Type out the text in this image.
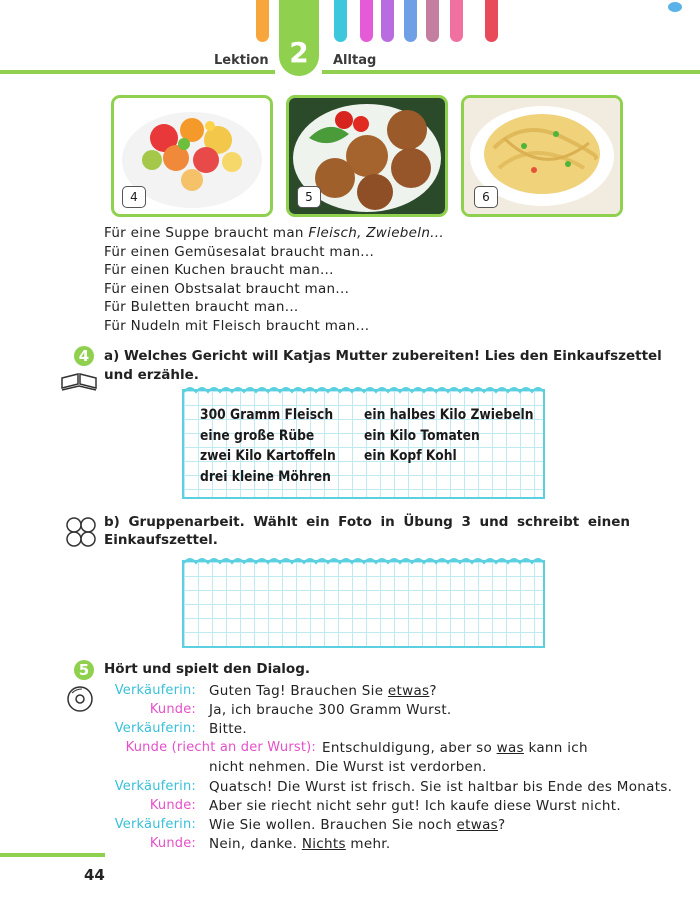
2
Lektion	Alltag
4	5	6
Für eine Suppe braucht man Fleisch, Zwiebeln...
Für einen Gemüsesalat braucht man...
Für einen Kuchen braucht man...
Für einen Obstsalat braucht man...
Für Buletten braucht man...
Für Nudeln mit Fleisch braucht man...
4	a) Welches Gericht will Katjas Mutter zubereiten! Lies den Einkaufszettel
und erzähle.
300 Gramm Fleisch
eine große Rübe
zwei Kilo Kartoffeln
drei kleine Möhren
ein halbes Kilo Zwiebeln
ein Kilo Tomaten
ein Kopf Kohl
b) Gruppenarbeit. Wählt ein Foto in Übung 3 und schreibt einen
Einkaufszettel.
5	Hört und spielt den Dialog.
Verkäuferin: Guten Tag! Brauchen Sie etwas?
Kunde: Ja, ich brauche 300 Gramm Wurst.
Verkäuferin: Bitte.
Kunde (riecht an der Wurst): Entschuldigung, aber so was kann ich
nicht nehmen. Die Wurst ist verdorben.
Verkäuferin: Quatsch! Die Wurst ist frisch. Sie ist haltbar bis Ende des Monats.
Kunde: Aber sie riecht nicht sehr gut! Ich kaufe diese Wurst nicht.
Verkäuferin: Wie Sie wollen. Brauchen Sie noch etwas?
Kunde: Nein, danke. Nichts mehr.
44
